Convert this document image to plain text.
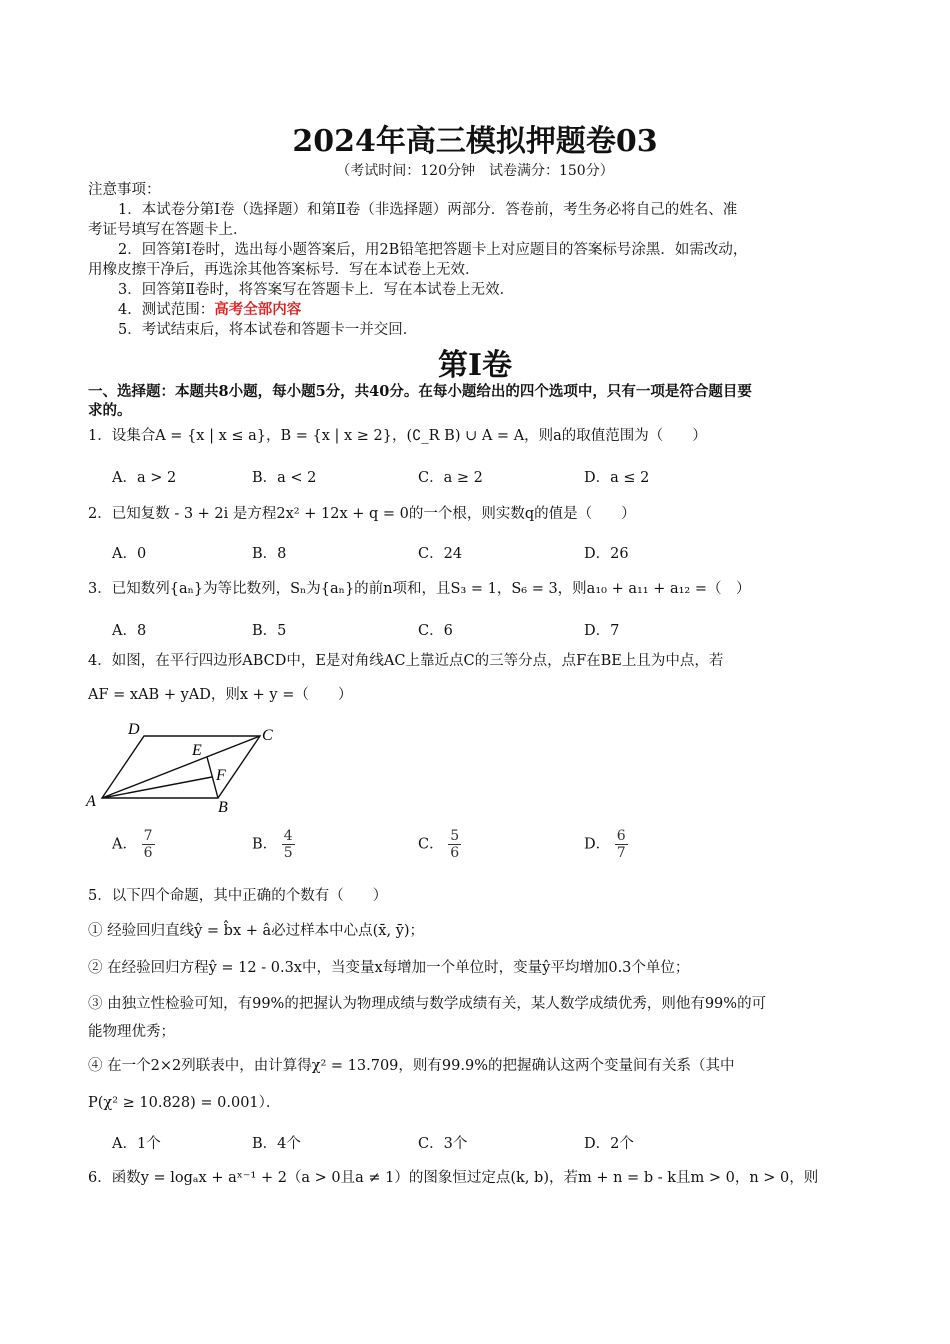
2024年高三模拟押题卷03
（考试时间：120分钟　试卷满分：150分）
注意事项：
1．本试卷分第Ⅰ卷（选择题）和第Ⅱ卷（非选择题）两部分．答卷前，考生务必将自己的姓名、准
考证号填写在答题卡上．
2．回答第Ⅰ卷时，选出每小题答案后，用2B铅笔把答题卡上对应题目的答案标号涂黑．如需改动，
用橡皮擦干净后，再选涂其他答案标号．写在本试卷上无效．
3．回答第Ⅱ卷时，将答案写在答题卡上．写在本试卷上无效．
4．测试范围：高考全部内容
5．考试结束后，将本试卷和答题卡一并交回．
第Ⅰ卷
一、选择题：本题共8小题，每小题5分，共40分。在每小题给出的四个选项中，只有一项是符合题目要
求的。
1．设集合A = {x | x ≤ a}，B = {x | x ≥ 2}，(∁_R B) ∪ A = A，则a的取值范围为（　　）
A．a > 2	B．a < 2	C．a ≥ 2	D．a ≤ 2
2．已知复数 - 3 + 2i 是方程2x² + 12x + q = 0的一个根，则实数q的值是（　　）
A．0	B．8	C．24	D．26
3．已知数列{aₙ}为等比数列，Sₙ为{aₙ}的前n项和，且S₃ = 1，S₆ = 3，则a₁₀ + a₁₁ + a₁₂ =（　）
A．8	B．5	C．6	D．7
4．如图，在平行四边形ABCD中，E是对角线AC上靠近点C的三等分点，点F在BE上且为中点，若
AF = xAB + yAD，则x + y =（　　）
A	B
C
D
E
F
A． $\frac{7}{6}$	B． $\frac{4}{5}$	C． $\frac{5}{6}$	D． $\frac{6}{7}$
5．以下四个命题，其中正确的个数有（　　）
① 经验回归直线ŷ = b̂x + â必过样本中心点(x̄, ȳ)；
② 在经验回归方程ŷ = 12 - 0.3x中，当变量x每增加一个单位时，变量ŷ平均增加0.3个单位；
③ 由独立性检验可知，有99%的把握认为物理成绩与数学成绩有关，某人数学成绩优秀，则他有99%的可
能物理优秀；
④ 在一个2×2列联表中，由计算得χ² = 13.709，则有99.9%的把握确认这两个变量间有关系（其中
P(χ² ≥ 10.828) = 0.001）．
A．1个	B．4个	C．3个	D．2个
6．函数y = logₐx + aˣ⁻¹ + 2（a > 0且a ≠ 1）的图象恒过定点(k, b)，若m + n = b - k且m > 0，n > 0，则
